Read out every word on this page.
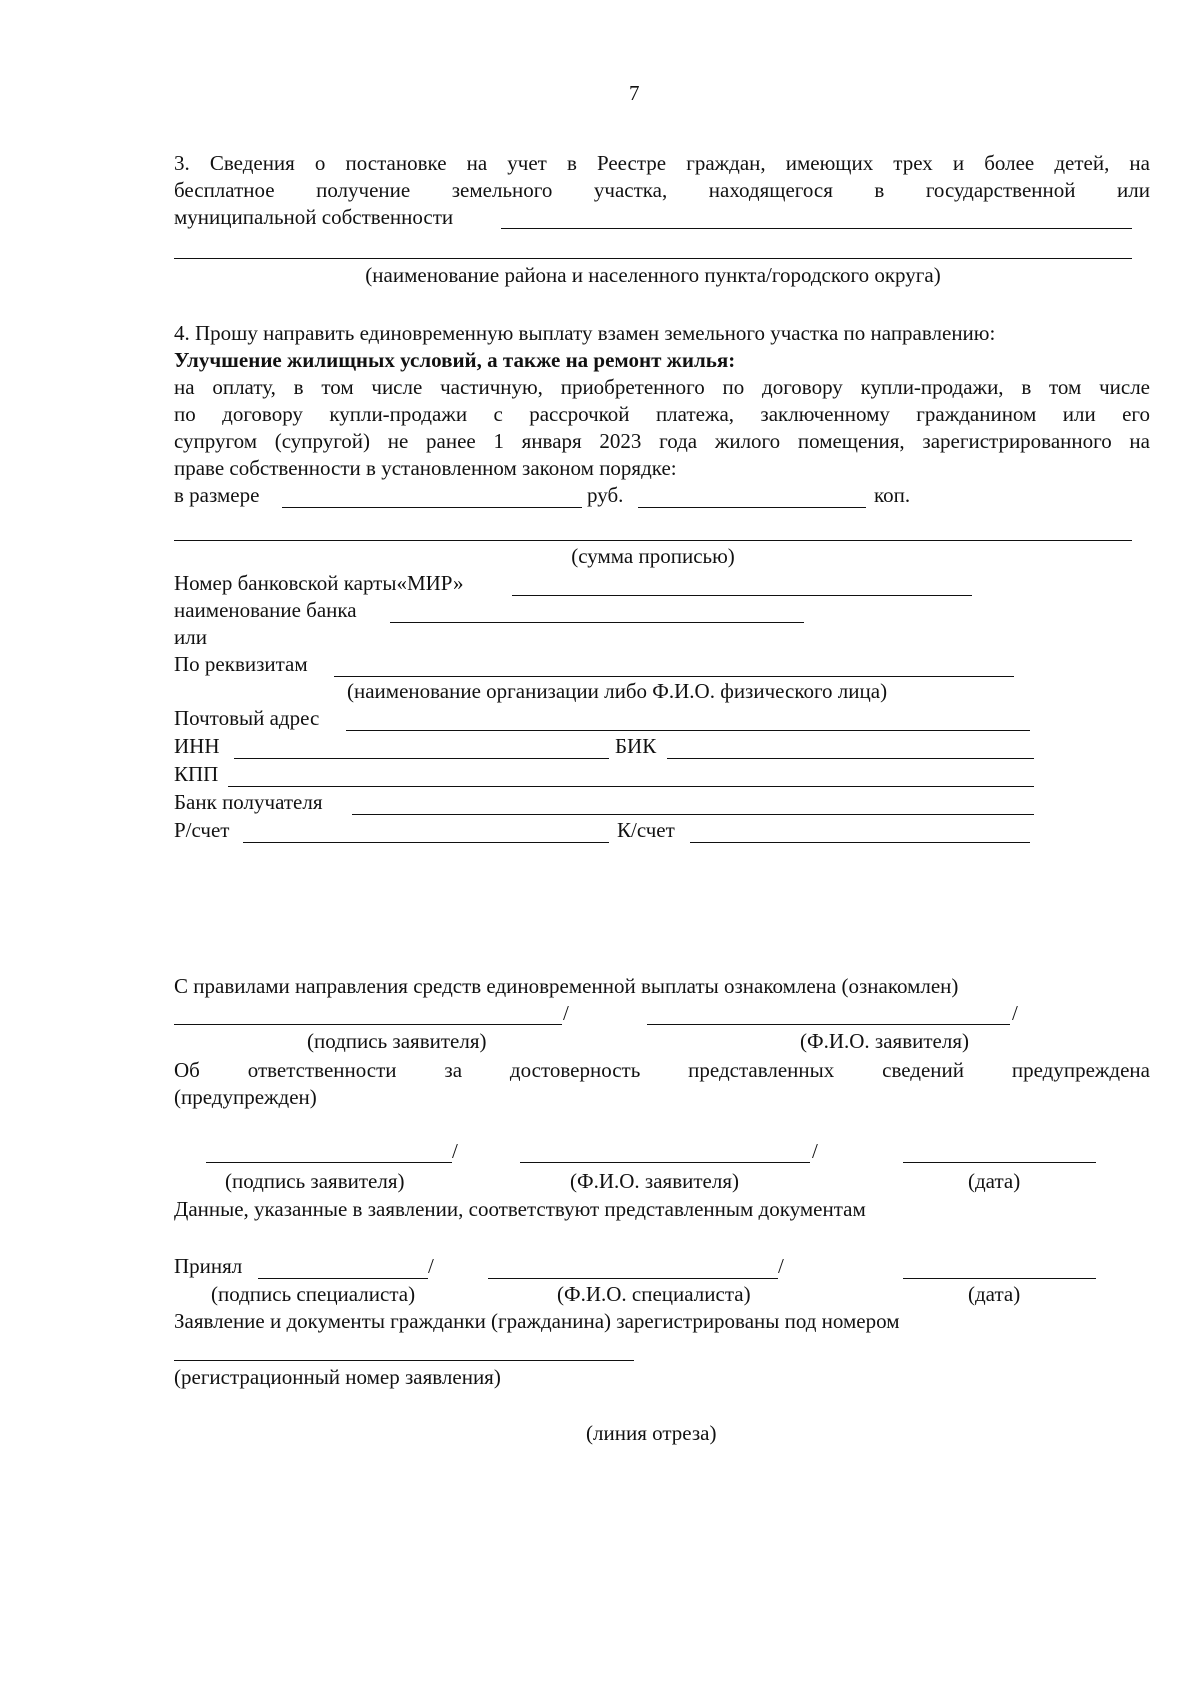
7
3. Сведения о постановке на учет в Реестре граждан, имеющих трех и более детей, на
бесплатное получение земельного участка, находящегося в государственной или
муниципальной собственности
(наименование района и населенного пункта/городского округа)
4. Прошу направить единовременную выплату взамен земельного участка по направлению:
Улучшение жилищных условий, а также на ремонт жилья:
на оплату, в том числе частичную, приобретенного по договору купли-продажи, в том числе
по договору купли-продажи с рассрочкой платежа, заключенному гражданином или его
супругом (супругой) не ранее 1 января 2023 года жилого помещения, зарегистрированного на
праве собственности в установленном законом порядке:
в размере	руб.	коп.
(сумма прописью)
Номер банковской карты«МИР»
наименование банка
или
По реквизитам
(наименование организации либо Ф.И.О. физического лица)
Почтовый адрес
ИНН	БИК
КПП
Банк получателя
Р/счет	К/счет
С правилами направления средств единовременной выплаты ознакомлена (ознакомлен)
/	/
(подпись заявителя)	(Ф.И.О. заявителя)
Об ответственности за достоверность представленных сведений предупреждена
(предупрежден)
/	/
(подпись заявителя)	(Ф.И.О. заявителя)	(дата)
Данные, указанные в заявлении, соответствуют представленным документам
Принял	/	/
(подпись специалиста)	(Ф.И.О. специалиста)	(дата)
Заявление и документы гражданки (гражданина) зарегистрированы под номером
(регистрационный номер заявления)
(линия отреза)
